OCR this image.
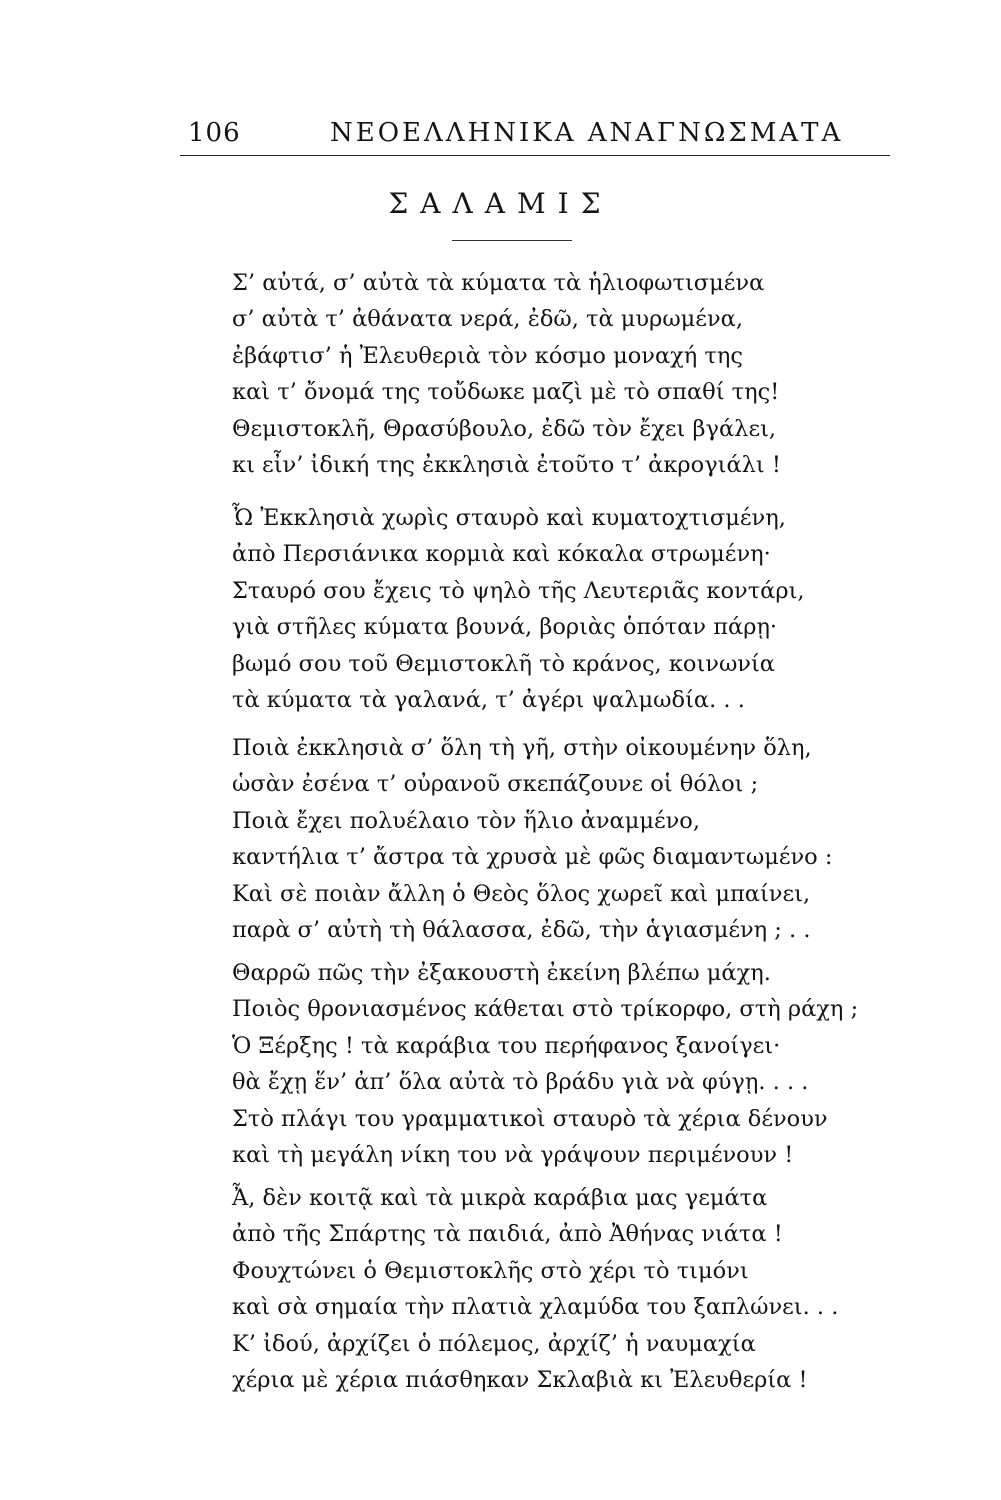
106	ΝΕΟΕΛΛΗΝΙΚΑ ΑΝΑΓΝΩΣΜΑΤΑ
ΣΑΛΑΜΙΣ
Σ’ αὐτά, σ’ αὐτὰ τὰ κύματα τὰ ἡλιοφωτισμένα
σ’ αὐτὰ τ’ ἀθάνατα νερά, ἐδῶ, τὰ μυρωμένα,
ἐβάφτισ’ ἡ Ἐλευθεριὰ τὸν κόσμο μοναχή της
καὶ τ’ ὄνομά της τοὔδωκε μαζὶ μὲ τὸ σπαθί της!
Θεμιστοκλῆ, Θρασύβουλο, ἐδῶ τὸν ἔχει βγάλει,
κι εἶν’ ἰδική της ἐκκλησιὰ ἐτοῦτο τ’ ἀκρογιάλι !
Ὦ Ἐκκλησιὰ χωρὶς σταυρὸ καὶ κυματοχτισμένη,
ἀπὸ Περσιάνικα κορμιὰ καὶ κόκαλα στρωμένη·
Σταυρό σου ἔχεις τὸ ψηλὸ τῆς Λευτεριᾶς κοντάρι,
γιὰ στῆλες κύματα βουνά, βοριὰς ὁπόταν πάρῃ·
βωμό σου τοῦ Θεμιστοκλῆ τὸ κράνος, κοινωνία
τὰ κύματα τὰ γαλανά, τ’ ἀγέρι ψαλμωδία. . .
Ποιὰ ἐκκλησιὰ σ’ ὅλη τὴ γῆ, στὴν οἰκουμένην ὅλη,
ὡσὰν ἐσένα τ’ οὐρανοῦ σκεπάζουνε οἱ θόλοι ;
Ποιὰ ἔχει πολυέλαιο τὸν ἥλιο ἀναμμένο,
καντήλια τ’ ἄστρα τὰ χρυσὰ μὲ φῶς διαμαντωμένο :
Καὶ σὲ ποιὰν ἄλλη ὁ Θεὸς ὅλος χωρεῖ καὶ μπαίνει,
παρὰ σ’ αὐτὴ τὴ θάλασσα, ἐδῶ, τὴν ἁγιασμένη ; . .
Θαρρῶ πῶς τὴν ἐξακουστὴ ἐκείνη βλέπω μάχη.
Ποιὸς θρονιασμένος κάθεται στὸ τρίκορφο, στὴ ράχη ;
Ὁ Ξέρξης ! τὰ καράβια του περήφανος ξανοίγει·
θὰ ἔχῃ ἕν’ ἀπ’ ὅλα αὐτὰ τὸ βράδυ γιὰ νὰ φύγῃ. . . .
Στὸ πλάγι του γραμματικοὶ σταυρὸ τὰ χέρια δένουν
καὶ τὴ μεγάλη νίκη του νὰ γράψουν περιμένουν !
Ἆ, δὲν κοιτᾷ καὶ τὰ μικρὰ καράβια μας γεμάτα
ἀπὸ τῆς Σπάρτης τὰ παιδιά, ἀπὸ Ἀθήνας νιάτα !
Φουχτώνει ὁ Θεμιστοκλῆς στὸ χέρι τὸ τιμόνι
καὶ σὰ σημαία τὴν πλατιὰ χλαμύδα του ξαπλώνει. . .
Κ’ ἰδού, ἀρχίζει ὁ πόλεμος, ἀρχίζ’ ἡ ναυμαχία
χέρια μὲ χέρια πιάσθηκαν Σκλαβιὰ κι Ἐλευθερία !
